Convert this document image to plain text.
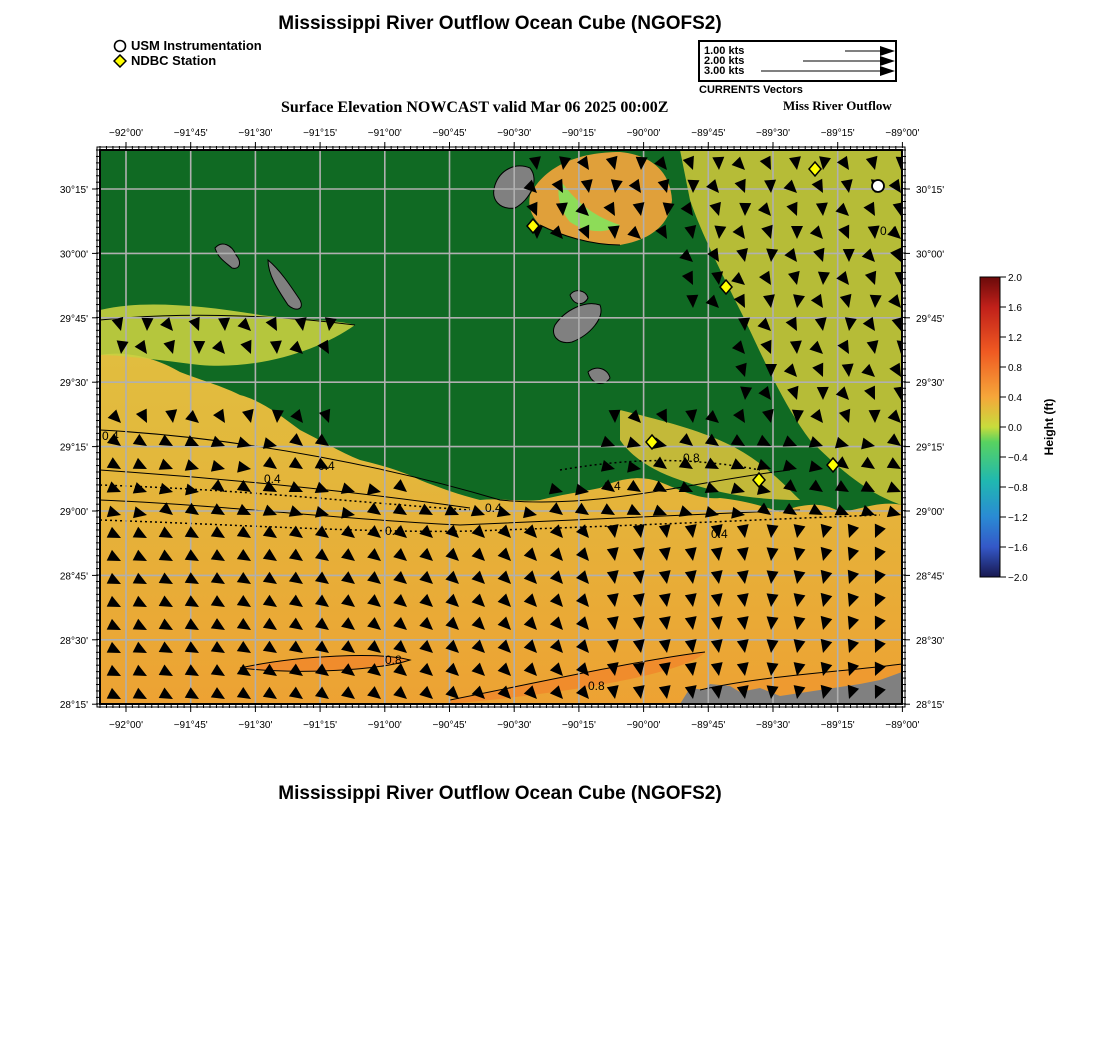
Mississippi River Outflow Ocean Cube (NGOFS2)
USM Instrumentation
NDBC Station
1.00 kts
2.00 kts
3.00 kts
CURRENTS Vectors
Surface Elevation NOWCAST valid Mar 06 2025 00:00Z	Miss River Outflow
0.4
0.4
0.4	0.4
0.4
0.4
0.8
0.8
0.8
0.4
0.4
−92°00'
−92°00'
−91°45'
−91°45'
−91°30'
−91°30'
−91°15'
−91°15'
−91°00'
−91°00'
−90°45'
−90°45'
−90°30'
−90°30'
−90°15'
−90°15'
−90°00'
−90°00'
−89°45'
−89°45'
−89°30'
−89°30'
−89°15'
−89°15'
−89°00'
−89°00'
30°15'	30°15'
30°00'	30°00'
29°45'	29°45'
29°30'	29°30'
29°15'	29°15'
29°00'	29°00'
28°45'	28°45'
28°30'	28°30'
28°15'	28°15'
2.0
1.6
1.2
0.8
0.4
0.0
−0.4
−0.8
−1.2
−1.6
−2.0
Height (ft)
Mississippi River Outflow Ocean Cube (NGOFS2)
